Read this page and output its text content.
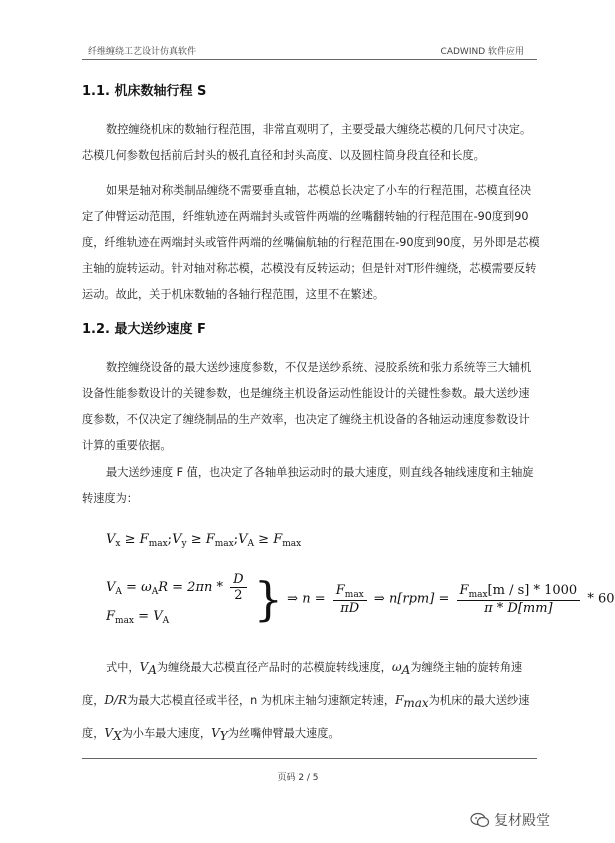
纤维缠绕工艺设计仿真软件	CADWIND 软件应用
1.1. 机床数轴行程 S
数控缠绕机床的数轴行程范围，非常直观明了，主要受最大缠绕芯模的几何尺寸决定。芯模几何参数包括前后封头的极孔直径和封头高度、以及圆柱简身段直径和长度。
如果是轴对称类制品缠绕不需要垂直轴，芯模总长决定了小车的行程范围，芯模直径决定了伸臂运动范围，纤维轨迹在两端封头或管件两端的丝嘴翻转轴的行程范围在-90度到90度，纤维轨迹在两端封头或管件两端的丝嘴偏航轴的行程范围在-90度到90度，另外即是芯模主轴的旋转运动。针对轴对称芯模，芯模没有反转运动；但是针对T形件缠绕，芯模需要反转运动。故此，关于机床数轴的各轴行程范围，这里不在繁述。
1.2. 最大送纱速度 F
数控缠绕设备的最大送纱速度参数，不仅是送纱系统、浸胶系统和张力系统等三大辅机设备性能参数设计的关键参数，也是缠绕主机设备运动性能设计的关键性参数。最大送纱速度参数，不仅决定了缠绕制品的生产效率，也决定了缠绕主机设备的各轴运动速度参数设计计算的重要依据。
最大送纱速度 F 值，也决定了各轴单独运动时的最大速度，则直线各轴线速度和主轴旋转速度为：
$V_x$ ≥ $F_{max};V_y$ ≥ $F_{max};V_A \ge F_{max}$
$V_A = \omega_AR = 2\pi n * \frac{D}{2}$
$F_{max} = V_A$	} ⇒ $n = \frac{F_{max}}{\pi D}$ ⇒ $n[rpm] = \frac{F_{max}[m / s] * 1000}{\pi * D[mm]} * 60$
式中，VA为缠绕最大芯模直径产品时的芯模旋转线速度，ωA为缠绕主轴的旋转角速度，D/R为最大芯模直径或半径，n 为机床主轴匀速额定转速，Fmax为机床的最大送纱速度，VX为小车最大速度，VY为丝嘴伸臂最大速度。
页码 2 / 5
复材殿堂
